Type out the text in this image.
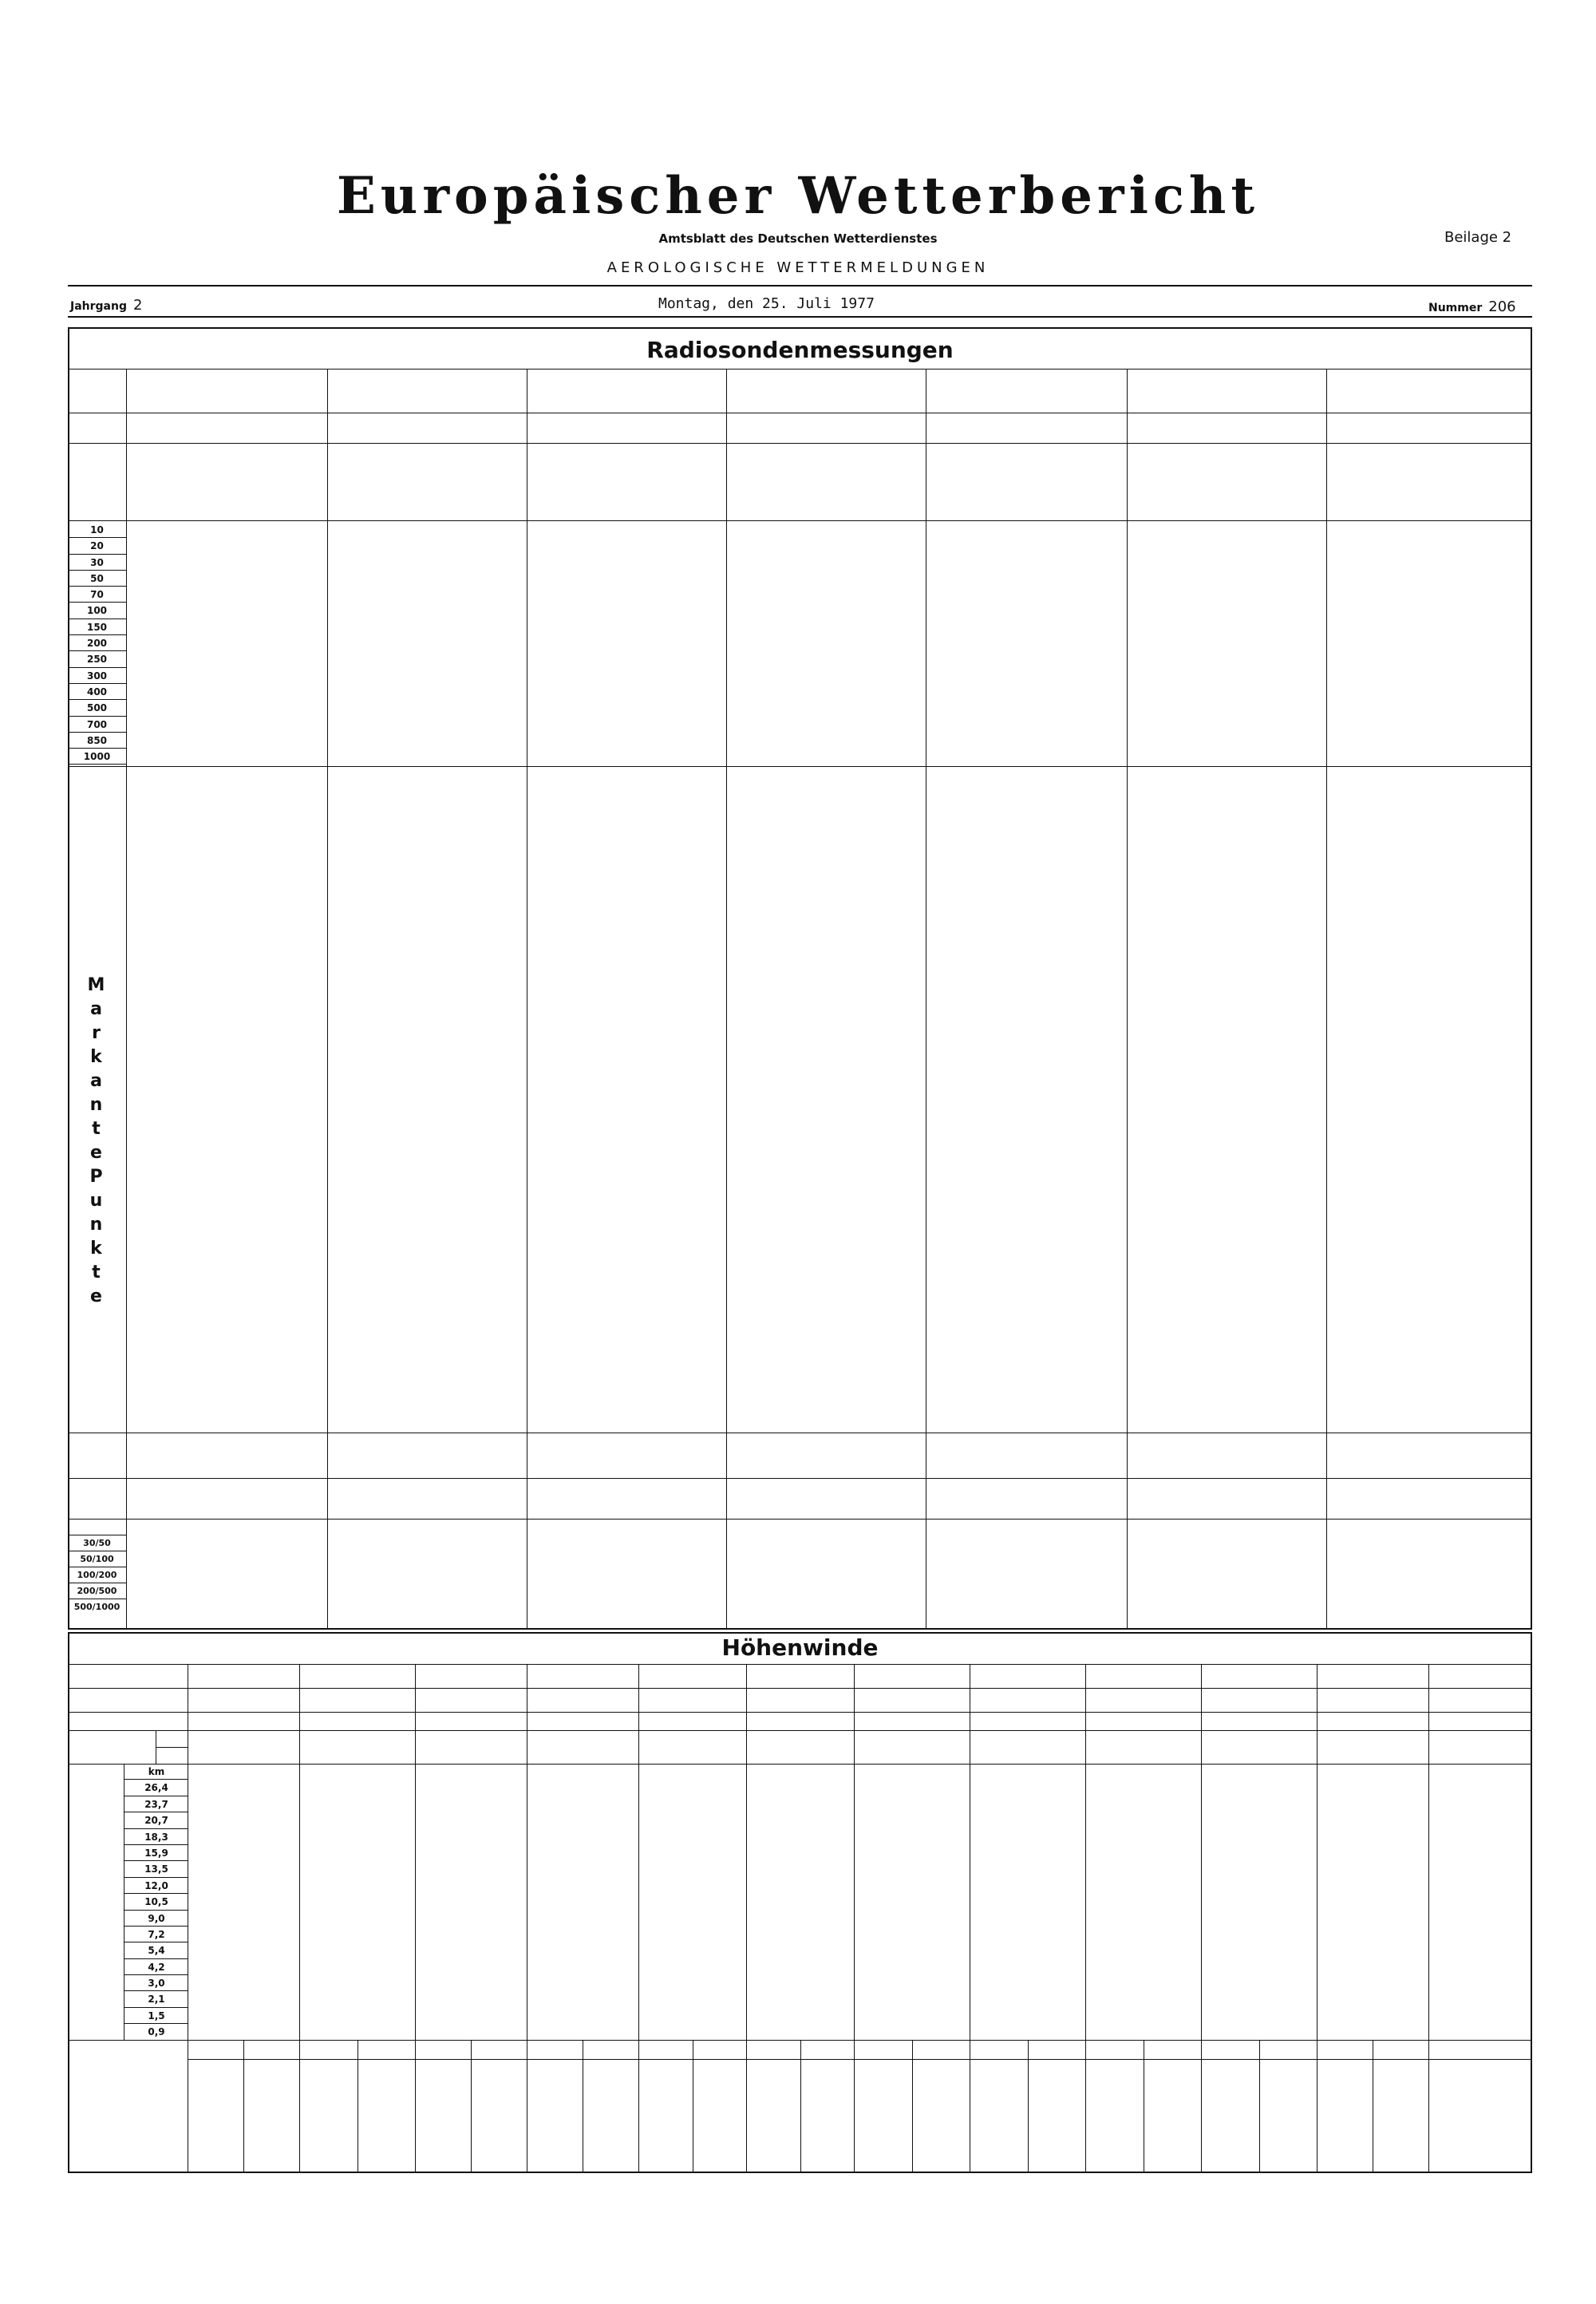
Europäischer Wetterbericht
Amtsblatt des Deutschen Wetterdienstes	Beilage 2
AEROLOGISCHE WETTERMELDUNGEN
Jahrgang 2	Montag, den 25. Juli 1977	Nummer 206
Radiosondenmessungen
10
20
30
50
70
100
150
200
250
300
400
500
700
850
1000
M
a
r
k
a
n
t
e
P
u
n
k
t
e
30/50
50/100
100/200
200/500
500/1000
Höhenwinde
km
26,4
23,7
20,7
18,3
15,9
13,5
12,0
10,5
9,0
7,2
5,4
4,2
3,0
2,1
1,5
0,9
